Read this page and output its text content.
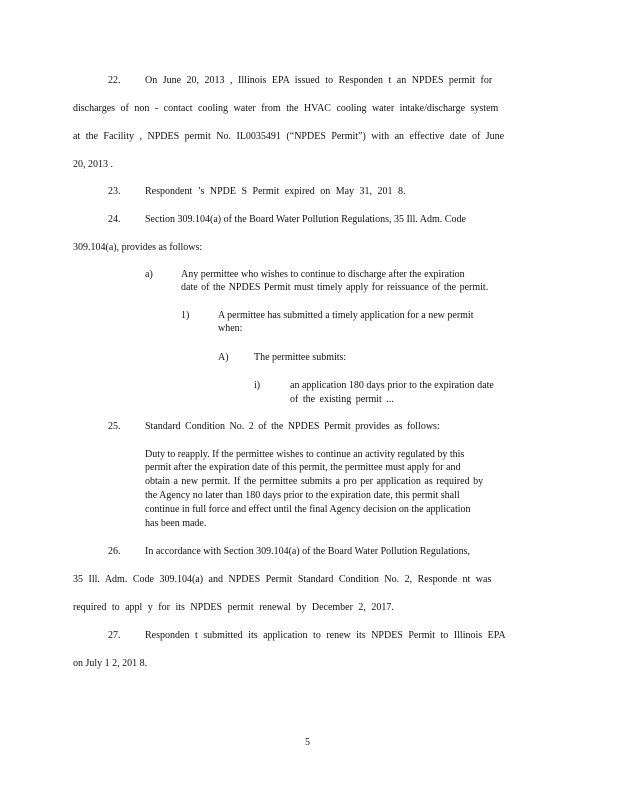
22. On June 20, 2013 , Illinois EPA issued to Responden t an NPDES permit for
discharges of non - contact cooling water from the HVAC cooling water intake/discharge system
at the Facility , NPDES permit No. IL0035491 (“NPDES Permit”) with an effective date of June
20, 2013 .
23. Respondent ’s NPDE S Permit expired on May 31, 201 8.
24. Section 309.104(a) of the Board Water Pollution Regulations, 35 Ill. Adm. Code
309.104(a), provides as follows:
a)	Any permittee who wishes to continue to discharge after the expiration
date of the NPDES Permit must timely apply for reissuance of the permit.
1)	A permittee has submitted a timely application for a new permit
when:
A)	The permittee submits:
i)	an application 180 days prior to the expiration date
of the existing permit ...
25. Standard Condition No. 2 of the NPDES Permit provides as follows:
Duty to reapply. If the permittee wishes to continue an activity regulated by this
permit after the expiration date of this permit, the permittee must apply for and
obtain a new permit. If the permittee submits a pro per application as required by
the Agency no later than 180 days prior to the expiration date, this permit shall
continue in full force and effect until the final Agency decision on the application
has been made.
26. In accordance with Section 309.104(a) of the Board Water Pollution Regulations,
35 Ill. Adm. Code 309.104(a) and NPDES Permit Standard Condition No. 2, Responde nt was
required to appl y for its NPDES permit renewal by December 2, 2017.
27. Responden t submitted its application to renew its NPDES Permit to Illinois EPA
on July 1 2, 201 8.
5
